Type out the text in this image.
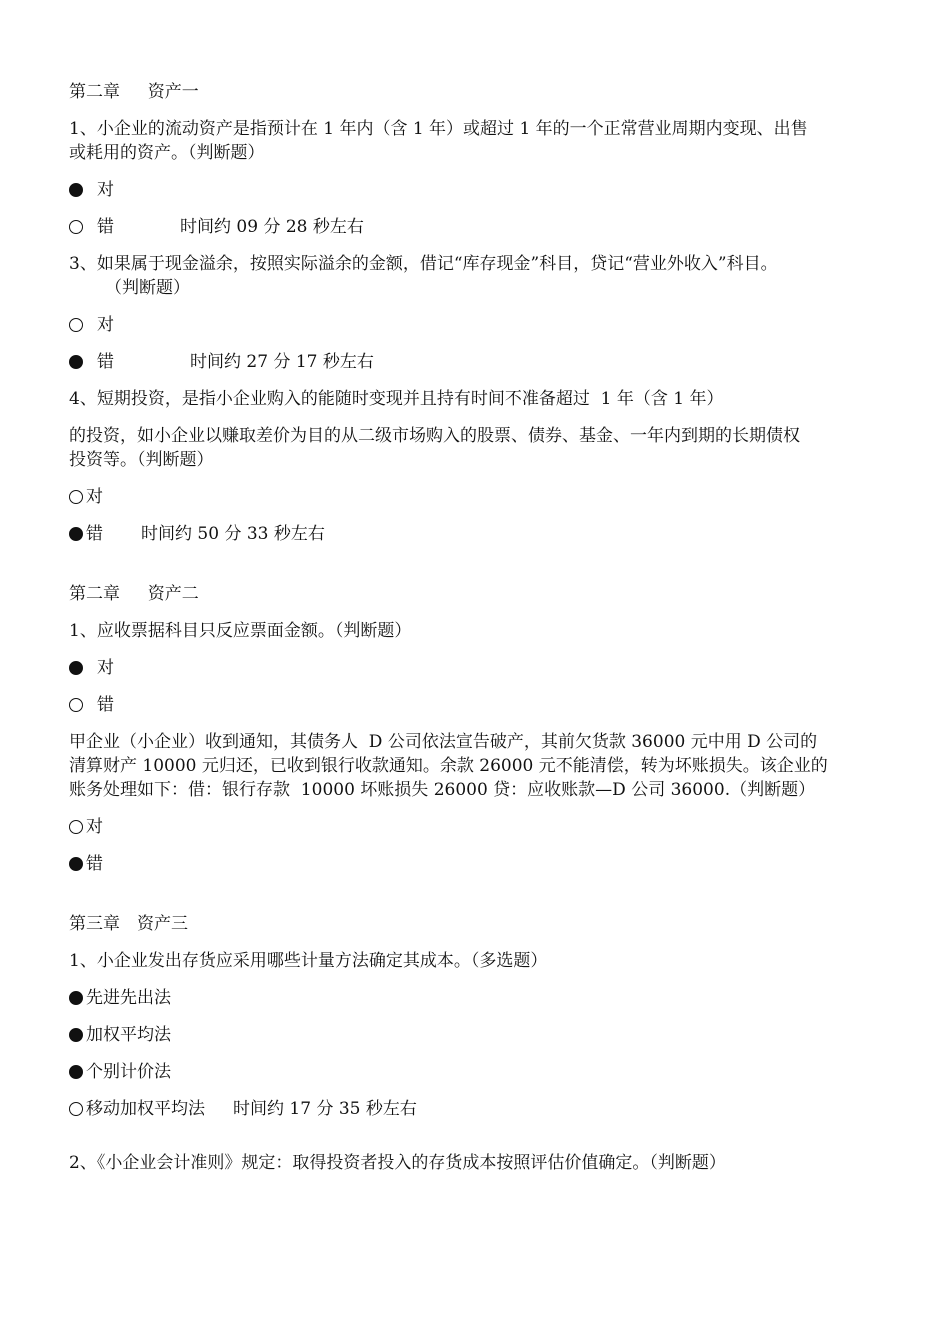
第二章　  资产一

1、小企业的流动资产是指预计在 1 年内（含 1 年）或超过 1 年的一个正常营业周期内变现、出售

或耗用的资产。（判断题）

对
错	时间约 09 分 28 秒左右

3、如果属于现金溢余，按照实际溢余的金额，借记“库存现金”科目，贷记“营业外收入”科目。

（判断题）

对
错	时间约 27 分 17 秒左右

4、短期投资，是指小企业购入的能随时变现并且持有时间不准备超过  1 年（含 1 年）

的投资，如小企业以赚取差价为目的从二级市场购入的股票、债券、基金、一年内到期的长期债权

投资等。（判断题）

对
错 时间约 50 分 33 秒左右

第二章　  资产二

1、应收票据科目只反应票面金额。（判断题）

对
错

甲企业（小企业）收到通知，其债务人  D 公司依法宣告破产，其前欠货款 36000 元中用 D 公司的

清算财产 10000 元归还，已收到银行收款通知。余款 26000 元不能清偿，转为坏账损失。该企业的

账务处理如下：借：银行存款  10000 坏账损失 26000 贷：应收账款—D 公司 36000.（判断题）

对
错

第三章　资产三

1、小企业发出存货应采用哪些计量方法确定其成本。（多选题）

先进先出法
加权平均法
个别计价法
移动加权平均法 时间约 17 分 35 秒左右

2、《小企业会计准则》规定：取得投资者投入的存货成本按照评估价值确定。（判断题）
